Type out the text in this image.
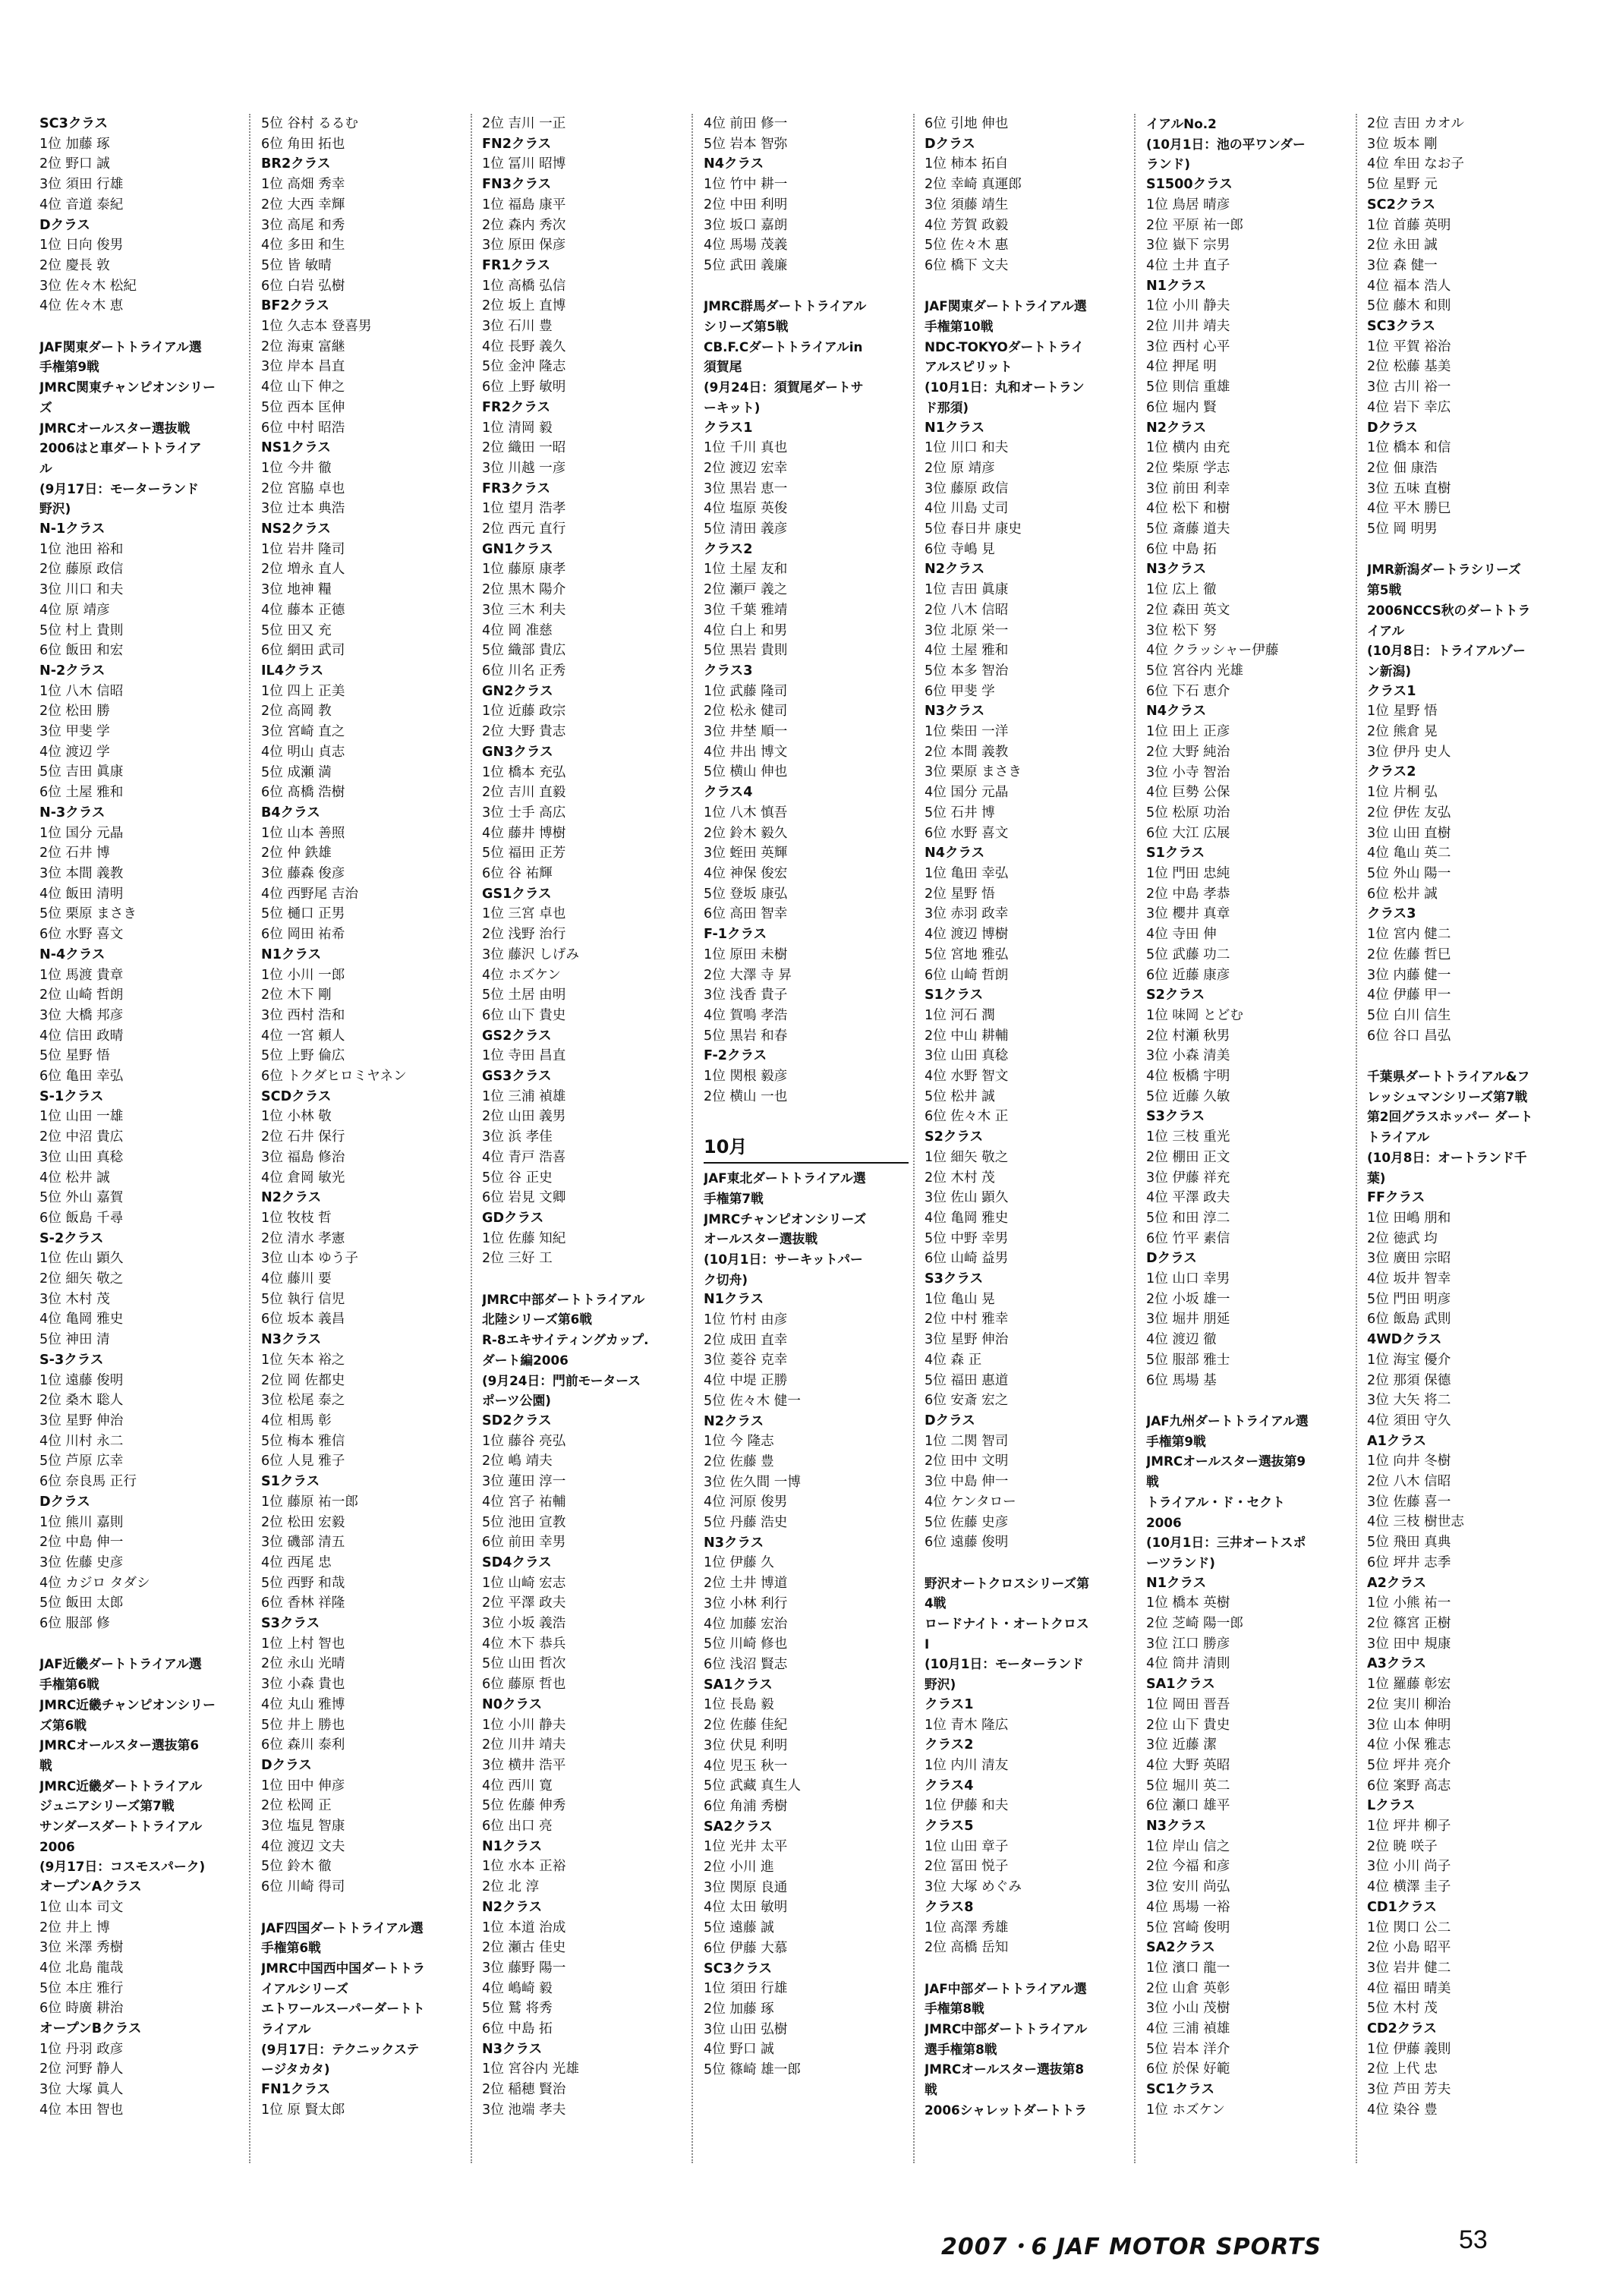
SC3クラス
1位 加藤 琢
2位 野口 誠
3位 須田 行雄
4位 音道 泰紀
Dクラス
1位 日向 俊男
2位 慶長 敦
3位 佐々木 松紀
4位 佐々木 恵
JAF関東ダートトライアル選
手権第9戦
JMRC関東チャンピオンシリー
ズ
JMRCオールスター選抜戦
2006はと車ダートトライア
ル
(9月17日：モーターランド
野沢)
N-1クラス
1位 池田 裕和
2位 藤原 政信
3位 川口 和夫
4位 原 靖彦
5位 村上 貴則
6位 飯田 和宏
N-2クラス
1位 八木 信昭
2位 松田 勝
3位 甲斐 学
4位 渡辺 学
5位 吉田 眞康
6位 土屋 雅和
N-3クラス
1位 国分 元晶
2位 石井 博
3位 本間 義教
4位 飯田 清明
5位 栗原 まさき
6位 水野 喜文
N-4クラス
1位 馬渡 貴章
2位 山崎 哲朗
3位 大橋 邦彦
4位 信田 政晴
5位 星野 悟
6位 亀田 幸弘
S-1クラス
1位 山田 一雄
2位 中沼 貴広
3位 山田 真稔
4位 松井 誠
5位 外山 嘉賀
6位 飯島 千尋
S-2クラス
1位 佐山 顕久
2位 細矢 敬之
3位 木村 茂
4位 亀岡 雅史
5位 神田 清
S-3クラス
1位 遠藤 俊明
2位 桑木 聡人
3位 星野 伸治
4位 川村 永二
5位 芦原 広幸
6位 奈良馬 正行
Dクラス
1位 熊川 嘉則
2位 中島 伸一
3位 佐藤 史彦
4位 カジロ タダシ
5位 飯田 太郎
6位 服部 修
JAF近畿ダートトライアル選
手権第6戦
JMRC近畿チャンピオンシリー
ズ第6戦
JMRCオールスター選抜第6
戦
JMRC近畿ダートトライアル
ジュニアシリーズ第7戦
サンダースダートトライアル
2006
(9月17日：コスモスパーク)
オープンAクラス
1位 山本 司文
2位 井上 博
3位 米澤 秀樹
4位 北島 龍哉
5位 本庄 雅行
6位 時廣 耕治
オープンBクラス
1位 丹羽 政彦
2位 河野 静人
3位 大塚 眞人
4位 本田 智也
5位 谷村 るるむ
6位 角田 拓也
BR2クラス
1位 高畑 秀幸
2位 大西 幸輝
3位 高尾 和秀
4位 多田 和生
5位 皆 敏晴
6位 白岩 弘樹
BF2クラス
1位 久志本 登喜男
2位 海東 富継
3位 岸本 昌直
4位 山下 伸之
5位 西本 匡伸
6位 中村 昭浩
NS1クラス
1位 今井 徹
2位 宮脇 卓也
3位 辻本 典浩
NS2クラス
1位 岩井 隆司
2位 増永 直人
3位 地神 糧
4位 藤本 正德
5位 田又 充
6位 網田 武司
IL4クラス
1位 四上 正美
2位 高岡 教
3位 宮崎 直之
4位 明山 貞志
5位 成瀬 満
6位 髙橋 浩樹
B4クラス
1位 山本 善照
2位 仲 鉄雄
3位 藤森 俊彦
4位 西野尾 吉治
5位 樋口 正男
6位 岡田 祐希
N1クラス
1位 小川 一郎
2位 木下 剛
3位 西村 浩和
4位 一宮 頼人
5位 上野 倫広
6位 トクダヒロミヤネン
SCDクラス
1位 小林 敬
2位 石井 保行
3位 福島 修治
4位 倉岡 敏光
N2クラス
1位 牧枝 哲
2位 清水 孝憲
3位 山本 ゆう子
4位 藤川 要
5位 執行 信児
6位 坂本 義昌
N3クラス
1位 矢本 裕之
2位 岡 佐都史
3位 松尾 泰之
4位 相馬 彰
5位 梅本 雅信
6位 人見 雅子
S1クラス
1位 藤原 祐一郎
2位 松田 宏毅
3位 磯部 清五
4位 西尾 忠
5位 西野 和哉
6位 香林 祥隆
S3クラス
1位 上村 智也
2位 永山 光晴
3位 小森 貴也
4位 丸山 雅博
5位 井上 勝也
6位 森川 泰利
Dクラス
1位 田中 伸彦
2位 松岡 正
3位 塩見 智康
4位 渡辺 文夫
5位 鈴木 徹
6位 川崎 得司
JAF四国ダートトライアル選
手権第6戦
JMRC中国西中国ダートトラ
イアルシリーズ
エトワールスーパーダートト
ライアル
(9月17日：テクニックステ
ージタカタ)
FN1クラス
1位 原 賢太郎
2位 吉川 一正
FN2クラス
1位 冨川 昭博
FN3クラス
1位 福島 康平
2位 森内 秀次
3位 原田 保彦
FR1クラス
1位 高橋 弘信
2位 坂上 直博
3位 石川 豊
4位 長野 義久
5位 金沖 隆志
6位 上野 敏明
FR2クラス
1位 清岡 毅
2位 織田 一昭
3位 川越 一彦
FR3クラス
1位 望月 浩孝
2位 西元 直行
GN1クラス
1位 藤原 康孝
2位 黒木 陽介
3位 三木 利夫
4位 岡 准慈
5位 織部 貴広
6位 川名 正秀
GN2クラス
1位 近藤 政宗
2位 大野 貴志
GN3クラス
1位 橋本 充弘
2位 吉川 直毅
3位 士手 高広
4位 藤井 博樹
5位 福田 正芳
6位 谷 祐輝
GS1クラス
1位 三宮 卓也
2位 浅野 治行
3位 藤沢 しげみ
4位 ホズケン
5位 土居 由明
6位 山下 貴史
GS2クラス
1位 寺田 昌直
GS3クラス
1位 三浦 禎雄
2位 山田 義男
3位 浜 孝佳
4位 青戸 浩喜
5位 谷 正史
6位 岩見 文卿
GDクラス
1位 佐藤 知紀
2位 三好 工
JMRC中部ダートトライアル
北陸シリーズ第6戦
R-8エキサイティングカップ.
ダート編2006
(9月24日：門前モータース
ポーツ公園)
SD2クラス
1位 藤谷 亮弘
2位 嶋 靖夫
3位 蓮田 淳一
4位 宮子 祐輔
5位 池田 宣教
6位 前田 幸男
SD4クラス
1位 山崎 宏志
2位 平澤 政夫
3位 小坂 義浩
4位 木下 恭兵
5位 山田 哲次
6位 藤原 哲也
N0クラス
1位 小川 静夫
2位 川井 靖夫
3位 横井 浩平
4位 西川 寛
5位 佐藤 伸秀
6位 出口 亮
N1クラス
1位 水本 正裕
2位 北 淳
N2クラス
1位 本道 治成
2位 瀬古 佳史
3位 藤野 陽一
4位 嶋崎 毅
5位 鷲 将秀
6位 中島 拓
N3クラス
1位 宮谷内 光雄
2位 稲穂 賢治
3位 池端 孝夫
4位 前田 修一
5位 岩本 智弥
N4クラス
1位 竹中 耕一
2位 中田 利明
3位 坂口 嘉朗
4位 馬場 茂義
5位 武田 義廉
JMRC群馬ダートトライアル
シリーズ第5戦
CB.F.Cダートトライアルin
須賀尾
(9月24日：須賀尾ダートサ
ーキット)
クラス1
1位 千川 真也
2位 渡辺 宏幸
3位 黒岩 恵一
4位 塩原 英俊
5位 清田 義彦
クラス2
1位 土屋 友和
2位 瀬戸 義之
3位 千葉 雅靖
4位 白上 和男
5位 黒岩 貴則
クラス3
1位 武藤 隆司
2位 松永 健司
3位 井埜 順一
4位 井出 博文
5位 横山 伸也
クラス4
1位 八木 慎吾
2位 鈴木 毅久
3位 蛭田 英輝
4位 神保 俊宏
5位 登坂 康弘
6位 高田 智幸
F-1クラス
1位 原田 未樹
2位 大澤 寺 昇
3位 浅香 貴子
4位 賀鳴 孝浩
5位 黒岩 和春
F-2クラス
1位 関根 毅彦
2位 横山 一也
10月
JAF東北ダートトライアル選
手権第7戦
JMRCチャンピオンシリーズ
オールスター選抜戦
(10月1日：サーキットパー
ク切舟)
N1クラス
1位 竹村 由彦
2位 成田 直幸
3位 菱谷 克幸
4位 中堤 正勝
5位 佐々木 健一
N2クラス
1位 今 隆志
2位 佐藤 豊
3位 佐久間 一博
4位 河原 俊男
5位 丹藤 浩史
N3クラス
1位 伊藤 久
2位 土井 博道
3位 小林 利行
4位 加藤 宏治
5位 川崎 修也
6位 浅沼 賢志
SA1クラス
1位 長島 毅
2位 佐藤 佳紀
3位 伏見 利明
4位 児玉 秋一
5位 武藏 真生人
6位 角浦 秀樹
SA2クラス
1位 光井 太平
2位 小川 進
3位 関原 良通
4位 太田 敏明
5位 遠藤 誠
6位 伊藤 大慕
SC3クラス
1位 須田 行雄
2位 加藤 琢
3位 山田 弘樹
4位 野口 誠
5位 篠崎 雄一郎
6位 引地 伸也
Dクラス
1位 柿本 拓自
2位 幸崎 真運郎
3位 須藤 靖生
4位 芳賀 政毅
5位 佐々木 惠
6位 橋下 文夫
JAF関東ダートトライアル選
手権第10戦
NDC-TOKYOダートトライ
アルスピリット
(10月1日：丸和オートラン
ド那須)
N1クラス
1位 川口 和夫
2位 原 靖彦
3位 藤原 政信
4位 川島 丈司
5位 春日井 康史
6位 寺嶋 見
N2クラス
1位 吉田 眞康
2位 八木 信昭
3位 北原 栄一
4位 土屋 雅和
5位 本多 智治
6位 甲斐 学
N3クラス
1位 柴田 一洋
2位 本間 義教
3位 栗原 まさき
4位 国分 元晶
5位 石井 博
6位 水野 喜文
N4クラス
1位 亀田 幸弘
2位 星野 悟
3位 赤羽 政幸
4位 渡辺 博樹
5位 宮地 雅弘
6位 山崎 哲朗
S1クラス
1位 河石 潤
2位 中山 耕輔
3位 山田 真稔
4位 水野 智文
5位 松井 誠
6位 佐々木 正
S2クラス
1位 細矢 敬之
2位 木村 茂
3位 佐山 顕久
4位 亀岡 雅史
5位 中野 幸男
6位 山崎 益男
S3クラス
1位 亀山 晃
2位 中村 雅幸
3位 星野 伸治
4位 森 正
5位 福田 惠道
6位 安斎 宏之
Dクラス
1位 二関 智司
2位 田中 文明
3位 中島 伸一
4位 ケンタロー
5位 佐藤 史彦
6位 遠藤 俊明
野沢オートクロスシリーズ第
4戦
ロードナイト・オートクロス
I
(10月1日：モーターランド
野沢)
クラス1
1位 青木 隆広
クラス2
1位 内川 清友
クラス4
1位 伊藤 和夫
クラス5
1位 山田 章子
2位 冨田 悦子
3位 大塚 めぐみ
クラス8
1位 高澤 秀雄
2位 高橋 岳知
JAF中部ダートトライアル選
手権第8戦
JMRC中部ダートトライアル
選手権第8戦
JMRCオールスター選抜第8
戦
2006シャレットダートトラ
イアルNo.2
(10月1日：池の平ワンダー
ランド)
S1500クラス
1位 鳥居 晴彦
2位 平原 祐一郎
3位 嶽下 宗男
4位 土井 直子
N1クラス
1位 小川 静夫
2位 川井 靖夫
3位 西村 心平
4位 押尾 明
5位 則信 重雄
6位 堀内 賢
N2クラス
1位 横内 由充
2位 柴原 学志
3位 前田 利幸
4位 松下 和樹
5位 斎藤 道夫
6位 中島 拓
N3クラス
1位 広上 徹
2位 森田 英文
3位 松下 努
4位 クラッシャー伊藤
5位 宮谷内 光雄
6位 下石 恵介
N4クラス
1位 田上 正彦
2位 大野 純治
3位 小寺 智治
4位 巨勢 公保
5位 松原 功治
6位 大江 広展
S1クラス
1位 門田 忠純
2位 中島 孝恭
3位 櫻井 真章
4位 寺田 伸
5位 武藤 功二
6位 近藤 康彦
S2クラス
1位 味岡 とどむ
2位 村瀬 秋男
3位 小森 清美
4位 板橋 宇明
5位 近藤 久敏
S3クラス
1位 三枝 重光
2位 棚田 正文
3位 伊藤 祥充
4位 平澤 政夫
5位 和田 淳二
6位 竹平 素信
Dクラス
1位 山口 幸男
2位 小坂 雄一
3位 堀井 朋延
4位 渡辺 徹
5位 服部 雅士
6位 馬場 基
JAF九州ダートトライアル選
手権第9戦
JMRCオールスター選抜第9
戦
トライアル・ド・セクト
2006
(10月1日：三井オートスポ
ーツランド)
N1クラス
1位 橋本 英樹
2位 芝崎 陽一郎
3位 江口 勝彦
4位 筒井 清則
SA1クラス
1位 岡田 晋吾
2位 山下 貴史
3位 近藤 潔
4位 大野 英昭
5位 堀川 英二
6位 瀬口 雄平
N3クラス
1位 岸山 信之
2位 今福 和彦
3位 安川 尚弘
4位 馬場 一裕
5位 宮崎 俊明
SA2クラス
1位 濱口 龍一
2位 山倉 英彰
3位 小山 茂樹
4位 三浦 禎雄
5位 岩本 洋介
6位 於保 好範
SC1クラス
1位 ホズケン
2位 吉田 カオル
3位 坂本 剛
4位 牟田 なお子
5位 星野 元
SC2クラス
1位 首藤 英明
2位 永田 誠
3位 森 健一
4位 福本 浩人
5位 藤木 和則
SC3クラス
1位 平賀 裕治
2位 松藤 基美
3位 古川 裕一
4位 岩下 幸広
Dクラス
1位 橋本 和信
2位 佃 康浩
3位 五味 直樹
4位 平木 勝巳
5位 岡 明男
JMR新潟ダートラシリーズ
第5戦
2006NCCS秋のダートトラ
イアル
(10月8日：トライアルゾー
ン新潟)
クラス1
1位 星野 悟
2位 熊倉 晃
3位 伊丹 史人
クラス2
1位 片桐 弘
2位 伊佐 友弘
3位 山田 直樹
4位 亀山 英二
5位 外山 陽一
6位 松井 誠
クラス3
1位 宮内 健二
2位 佐藤 哲巳
3位 内藤 健一
4位 伊藤 甲一
5位 白川 信生
6位 谷口 昌弘
千葉県ダートトライアル&フ
レッシュマンシリーズ第7戦
第2回グラスホッパー ダート
トライアル
(10月8日：オートランド千
葉)
FFクラス
1位 田嶋 朋和
2位 徳武 均
3位 廣田 宗昭
4位 坂井 智幸
5位 門田 明彦
6位 飯島 武則
4WDクラス
1位 海宝 優介
2位 那須 保德
3位 大矢 将二
4位 須田 守久
A1クラス
1位 向井 冬樹
2位 八木 信昭
3位 佐藤 喜一
4位 三枝 樹世志
5位 飛田 真典
6位 坪井 志季
A2クラス
1位 小熊 祐一
2位 篠宮 正樹
3位 田中 規康
A3クラス
1位 羅藤 彰宏
2位 実川 柳治
3位 山本 伸明
4位 小保 雅志
5位 坪井 亮介
6位 案野 高志
Lクラス
1位 坪井 柳子
2位 暁 咲子
3位 小川 尚子
4位 横澤 圭子
CD1クラス
1位 関口 公二
2位 小島 昭平
3位 岩井 健二
4位 福田 晴美
5位 木村 茂
CD2クラス
1位 伊藤 義則
2位 上代 忠
3位 芦田 芳夫
4位 染谷 豊
2007・6 JAF MOTOR SPORTS	53
